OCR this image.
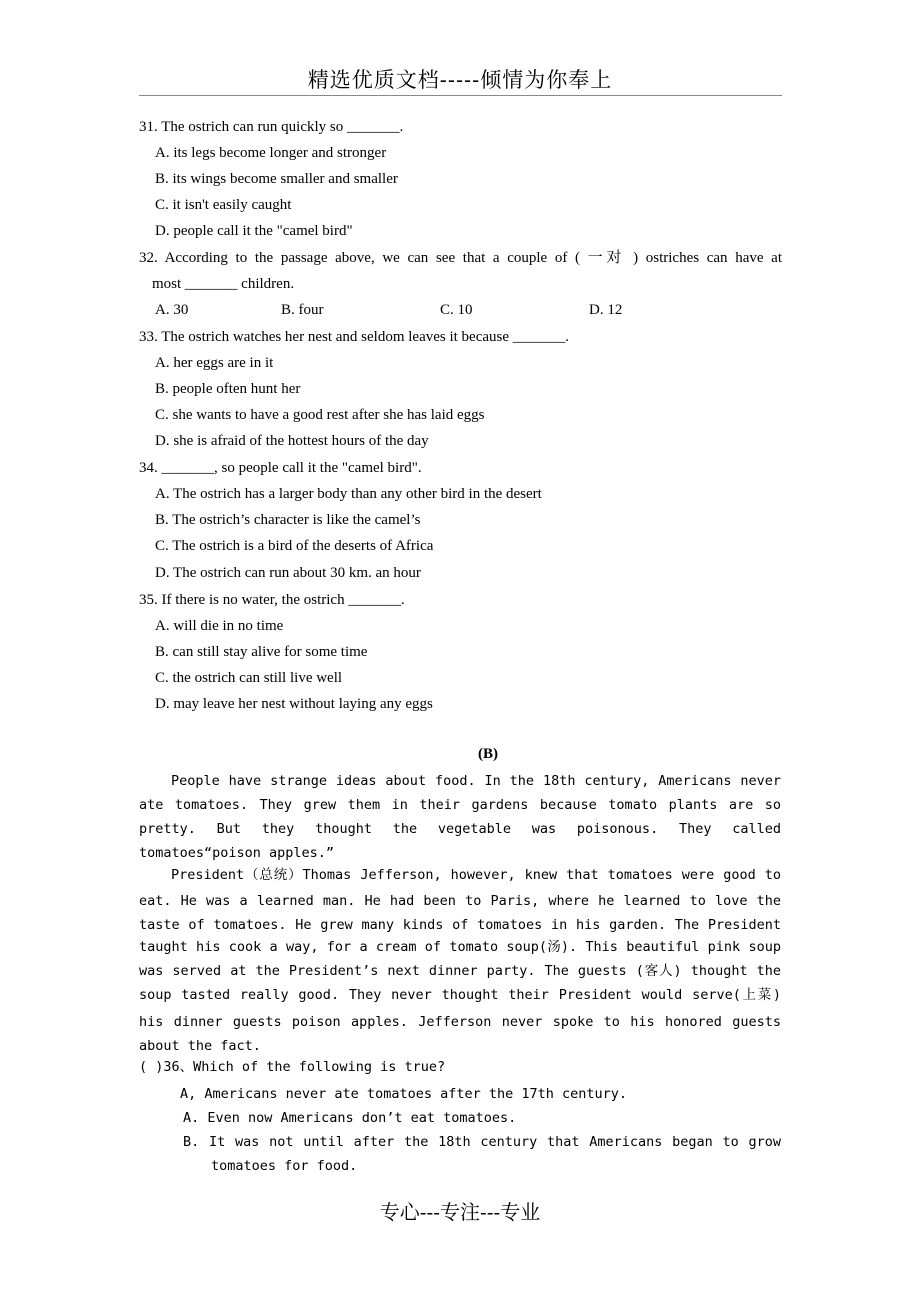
精选优质文档-----倾情为你奉上
31. The ostrich can run quickly so _______.
A. its legs become longer and stronger
B. its wings become smaller and smaller
C. it isn't easily caught
D. people call it the "camel bird"
32. According to the passage above, we can see that a couple of ( 一对 ) ostriches can have at
most _______ children.
A. 30	B. four	C. 10	D. 12
33. The ostrich watches her nest and seldom leaves it because _______.
A. her eggs are in it
B. people often hunt her
C. she wants to have a good rest after she has laid eggs
D. she is afraid of the hottest hours of the day
34. _______, so people call it the "camel bird".
A. The ostrich has a larger body than any other bird in the desert
B. The ostrich’s character is like the camel’s
C. The ostrich is a bird of the deserts of Africa
D. The ostrich can run about 30 km. an hour
35. If there is no water, the ostrich _______.
A. will die in no time
B. can still stay alive for some time
C. the ostrich can still live well
D. may leave her nest without laying any eggs
(B)
People have strange ideas about food. In the 18th century, Americans never
ate tomatoes. They grew them in their gardens because tomato plants are so
pretty. But they thought the vegetable was poisonous. They called
tomatoes“poison apples.”
President（总统）Thomas Jefferson, however, knew that tomatoes were good to
eat. He was a learned man. He had been to Paris, where he learned to love the
taste of tomatoes. He grew many kinds of tomatoes in his garden. The President
taught his cook a way, for a cream of tomato soup(汤). This beautiful pink soup
was served at the President’s next dinner party. The guests (客人) thought the
soup tasted really good. They never thought their President would serve(上菜)
his dinner guests poison apples. Jefferson never spoke to his honored guests
about the fact.
( )36、Which of the following is true?
A, Americans never ate tomatoes after the 17th century.
A. Even now Americans don’t eat tomatoes.
B. It was not until after the 18th century that Americans began to grow
tomatoes for food.
专心---专注---专业
